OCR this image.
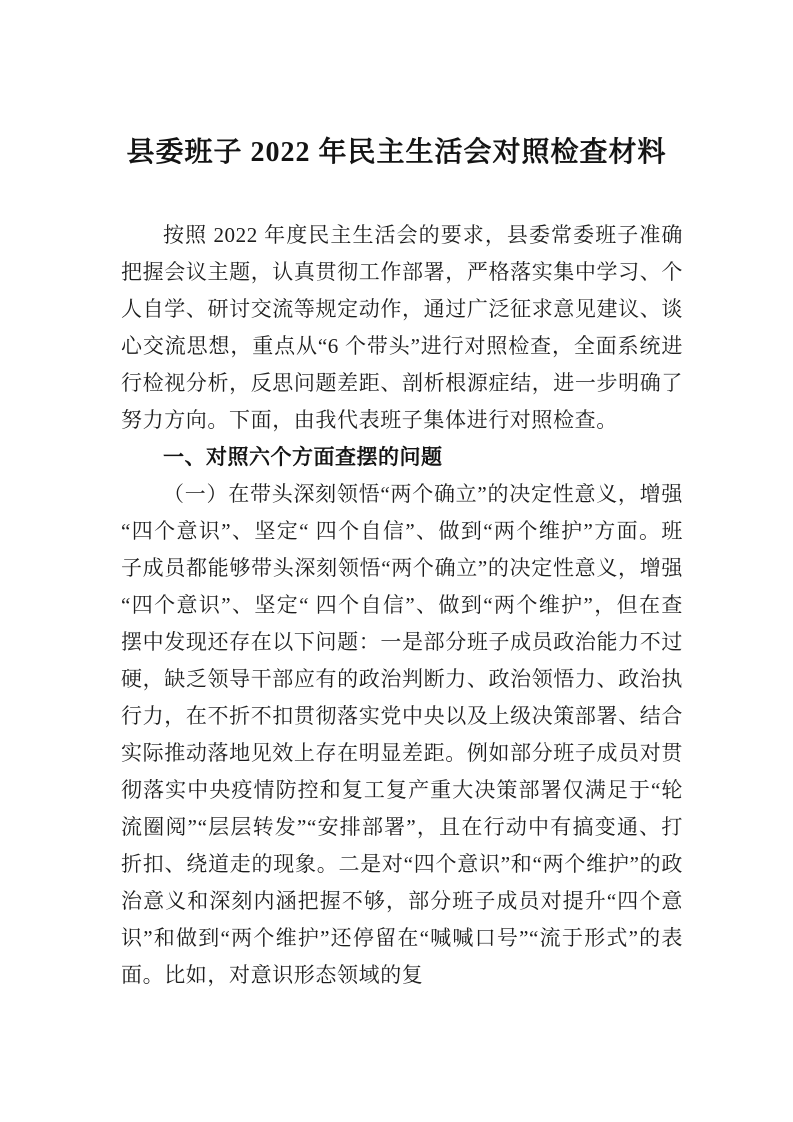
县委班子 2022 年民主生活会对照检查材料

按照 2022 年度民主生活会的要求，县委常委班子准确把握会议主题，认真贯彻工作部署，严格落实集中学习、个人自学、研讨交流等规定动作，通过广泛征求意见建议、谈心交流思想，重点从“6 个带头”进行对照检查，全面系统进行检视分析，反思问题差距、剖析根源症结，进一步明确了努力方向。下面，由我代表班子集体进行对照检查。

一、对照六个方面查摆的问题

（一）在带头深刻领悟“两个确立”的决定性意义，增强“四个意识”、坚定“ 四个自信”、做到“两个维护”方面。班子成员都能够带头深刻领悟“两个确立”的决定性意义，增强“四个意识”、坚定“ 四个自信”、做到“两个维护”，但在查摆中发现还存在以下问题：一是部分班子成员政治能力不过硬，缺乏领导干部应有的政治判断力、政治领悟力、政治执行力，在不折不扣贯彻落实党中央以及上级决策部署、结合实际推动落地见效上存在明显差距。例如部分班子成员对贯彻落实中央疫情防控和复工复产重大决策部署仅满足于“轮流圈阅”“层层转发”“安排部署”，且在行动中有搞变通、打折扣、绕道走的现象。二是对“四个意识”和“两个维护”的政治意义和深刻内涵把握不够，部分班子成员对提升“四个意识”和做到“两个维护”还停留在“喊喊口号”“流于形式”的表面。比如，对意识形态领域的复
